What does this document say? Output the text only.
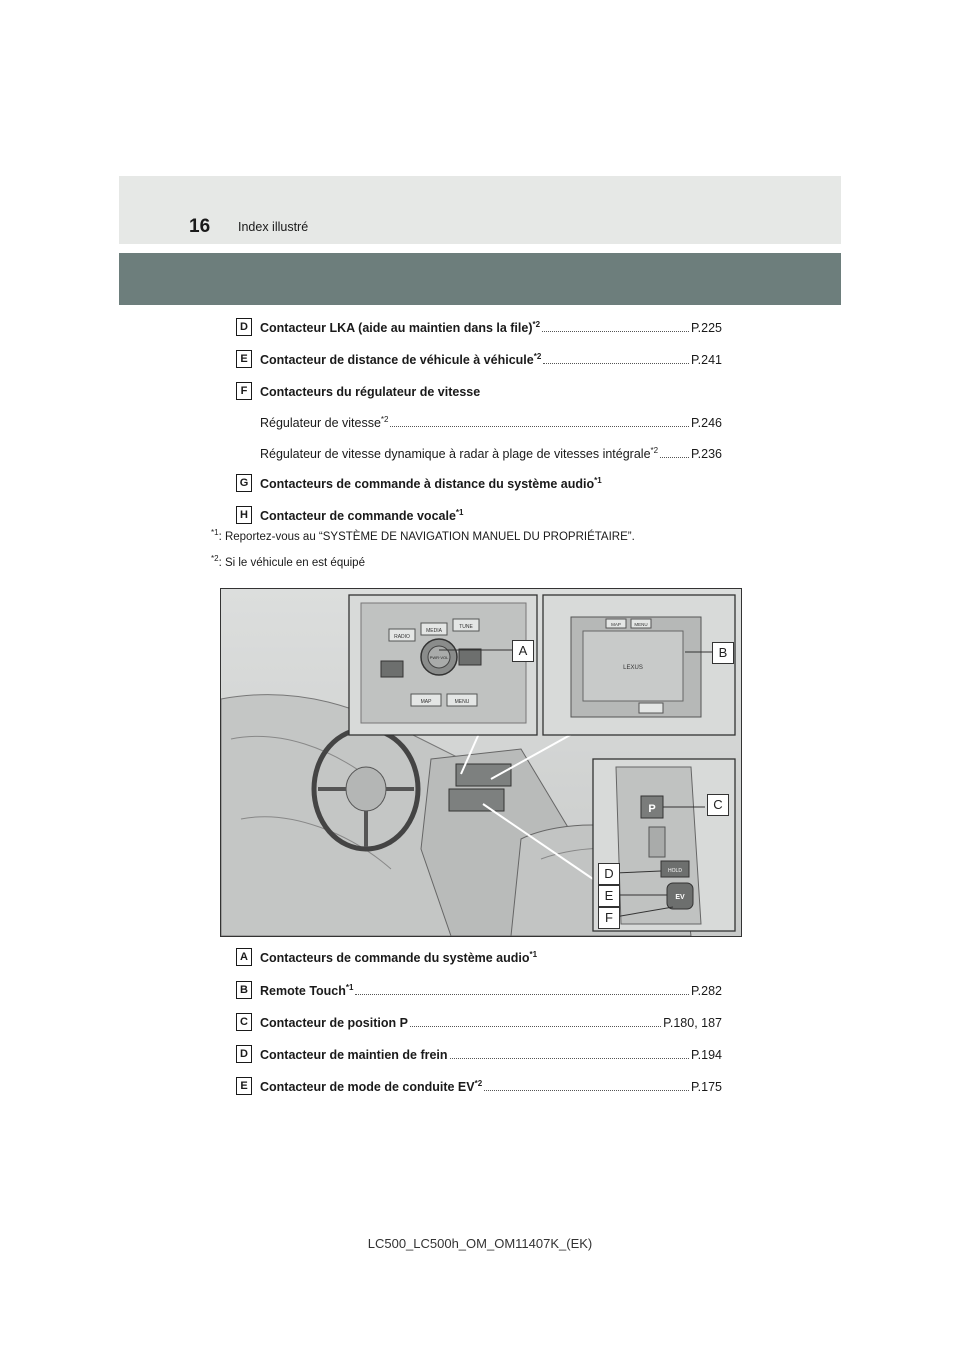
16 Index illustré
D Contacteur LKA (aide au maintien dans la file)$^{*2}$	P.225
E Contacteur de distance de véhicule à véhicule$^{*2}$	P.241
F	Contacteurs du régulateur de vitesse
Régulateur de vitesse$^{*2}$	P.246
Régulateur de vitesse dynamique à radar à plage de vitesses intégrale$^{*2}$	P.236
G Contacteurs de commande à distance du système audio$^{*1}$
H Contacteur de commande vocale$^{*1}$
$^{*1}$: Reportez-vous au “SYSTÈME DE NAVIGATION MANUEL DU PROPRIÉTAIRE”.
$^{*2}$: Si le véhicule en est équipé
RADIO
MEDIA
TUNE
PWR·VOL
MAP	MENU
MAP	MENU
LEXUS
P
HOLD
EV
A	B
C
D
E
F
A Contacteurs de commande du système audio$^{*1}$
B Remote Touch$^{*1}$	P.282
C Contacteur de position P	P.180, 187
D Contacteur de maintien de frein	P.194
E Contacteur de mode de conduite EV$^{*2}$	P.175
LC500_LC500h_OM_OM11407K_(EK)
